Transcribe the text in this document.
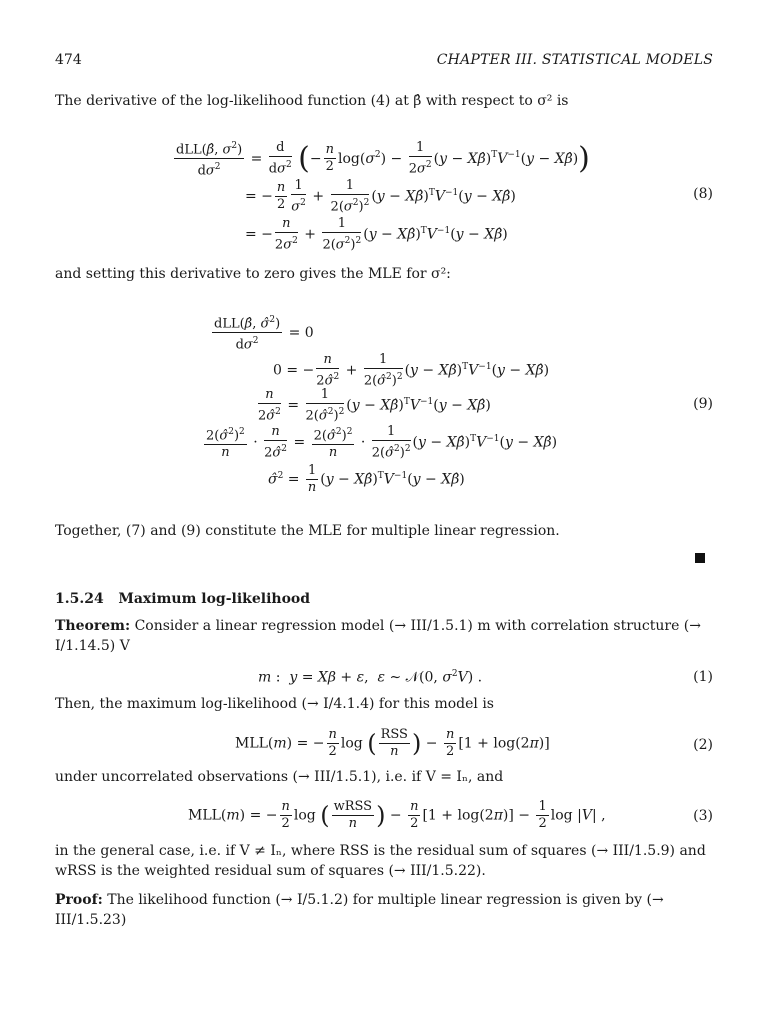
474	CHAPTER III. STATISTICAL MODELS
The derivative of the log-likelihood function (4) at β̂ with respect to σ² is
$\frac{dLL(\betâ, \sigma^2)}{d\sigma^2} = \frac{d}{d\sigma^2}$ (− $\frac{n}{2} \log(\sigma^2) - \frac{1}{2\sigma^2} (y$ − $X\betâ)^TV^{-1}(y$ − Xβ̂))
= − $\frac{n}{2} \frac{1}{\sigma^2} + \frac{1}{2(\sigma^2)^2} (y$ − $X\betâ)^TV^{-1}(y$ − Xβ̂)	(8)
= − $\frac{n}{2\sigma^2} + \frac{1}{2(\sigma^2)^2} (y$ − $X\betâ)^TV^{-1}(y$ − Xβ̂)
and setting this derivative to zero gives the MLE for σ²:
$\frac{dLL(\betâ, \sigmâ^2)}{d\sigma^2} = 0$
0 = − $\frac{n}{2\sigmâ^2} + \frac{1}{2(\sigmâ^2)^2} (y$ − $X\betâ)^TV^{-1}(y$ − Xβ̂)
$\frac{n}{2\sigmâ^2} = \frac{1}{2(\sigmâ^2)^2} (y$ − $X\betâ)^TV^{-1}(y$ − Xβ̂)	(9)
$\frac{2(\sigmâ^2)^2}{n} \cdot \frac{n}{2\sigmâ^2} = \frac{2(\sigmâ^2)^2}{n} \cdot \frac{1}{2(\sigmâ^2)^2} (y$ − $X\betâ)^TV^{-1}(y$ − Xβ̂)
σ̂$^2$ = $\frac{1}{n} (y$ − $X\betâ)^TV^{-1}(y$ − Xβ̂)
Together, (7) and (9) constitute the MLE for multiple linear regression.
1.5.24 Maximum log-likelihood
Theorem: Consider a linear regression model (→ III/1.5.1) m with correlation structure (→ I/1.14.5) V
m :  y = Xβ + ε,  ε ∼ 𝒩(0, $\sigma^2V$) .	(1)
Then, the maximum log-likelihood (→ I/4.1.4) for this model is
MLL(m) = − $\frac{n}{2}$ log ( $\frac{\text{RSS}}{n}$ ) − $\frac{n}{2} [1 + \log(2\pi)]$	(2)
under uncorrelated observations (→ III/1.5.1), i.e. if V = Iₙ, and
MLL(m) = − $\frac{n}{2}$ log ( $\frac{\text{wRSS}}{n}$ ) − $\frac{n}{2} [1 + \log(2\pi)] - \frac{1}{2}$ log |V| ,	(3)
in the general case, i.e. if V ≠ Iₙ, where RSS is the residual sum of squares (→ III/1.5.9) and wRSS is the weighted residual sum of squares (→ III/1.5.22).
Proof: The likelihood function (→ I/5.1.2) for multiple linear regression is given by (→ III/1.5.23)
